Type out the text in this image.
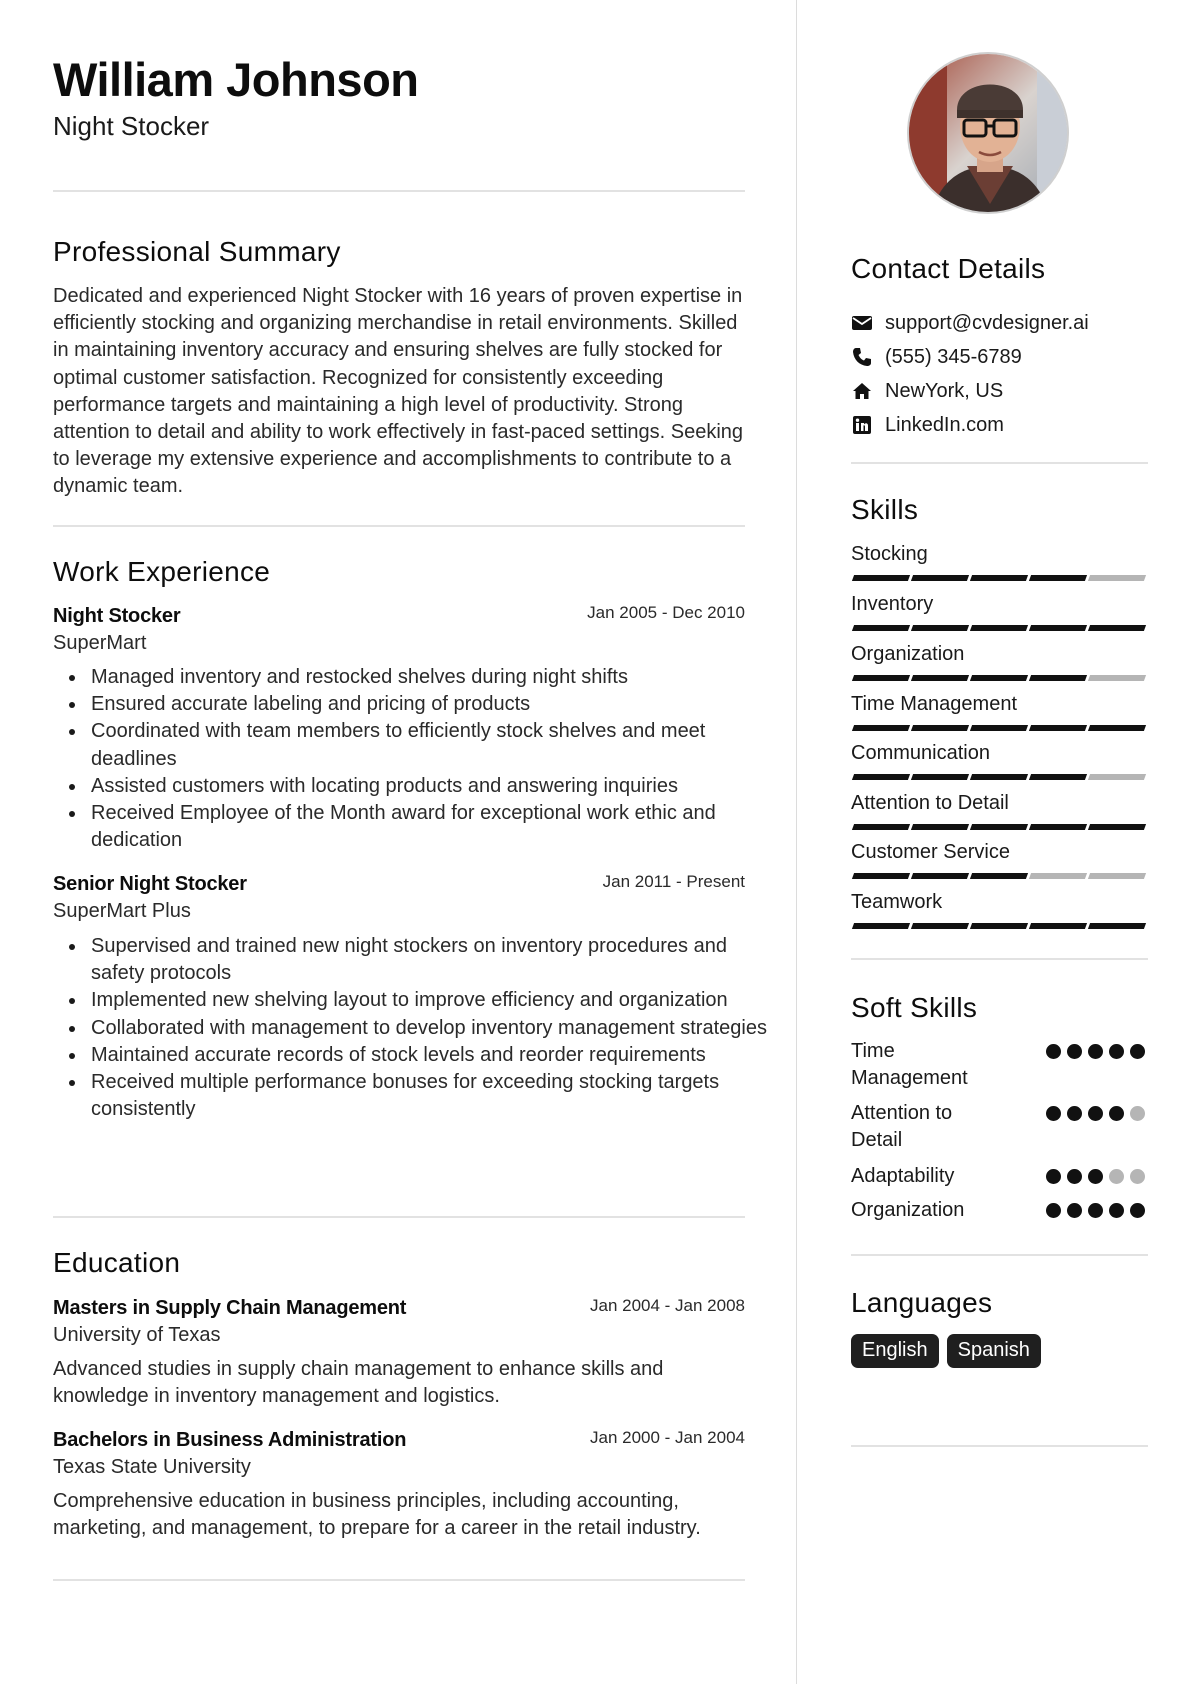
William Johnson
Night Stocker
Professional Summary

Dedicated and experienced Night Stocker with 16 years of proven expertise in efficiently stocking and organizing merchandise in retail environments. Skilled in maintaining inventory accuracy and ensuring shelves are fully stocked for optimal customer satisfaction. Recognized for consistently exceeding performance targets and maintaining a high level of productivity. Strong attention to detail and ability to work effectively in fast-paced settings. Seeking to leverage my extensive experience and accomplishments to contribute to a dynamic team.

Work Experience
Night Stocker	Jan 2005 - Dec 2010
SuperMart
Managed inventory and restocked shelves during night shifts
Ensured accurate labeling and pricing of products
Coordinated with team members to efficiently stock shelves and meet deadlines
Assisted customers with locating products and answering inquiries
Received Employee of the Month award for exceptional work ethic and dedication
Senior Night Stocker	Jan 2011 - Present
SuperMart Plus
Supervised and trained new night stockers on inventory procedures and safety protocols
Implemented new shelving layout to improve efficiency and organization
Collaborated with management to develop inventory management strategies
Maintained accurate records of stock levels and reorder requirements
Received multiple performance bonuses for exceeding stocking targets consistently
Education
Masters in Supply Chain Management	Jan 2004 - Jan 2008
University of Texas

Advanced studies in supply chain management to enhance skills and knowledge in inventory management and logistics.

Bachelors in Business Administration	Jan 2000 - Jan 2004
Texas State University

Comprehensive education in business principles, including accounting, marketing, and management, to prepare for a career in the retail industry.

Contact Details
support@cvdesigner.ai
(555) 345-6789
NewYork, US
LinkedIn.com
Skills
Stocking
Inventory
Organization
Time Management
Communication
Attention to Detail
Customer Service
Teamwork
Soft Skills
Time Management
Attention to Detail
Adaptability
Organization
Languages
English	Spanish
